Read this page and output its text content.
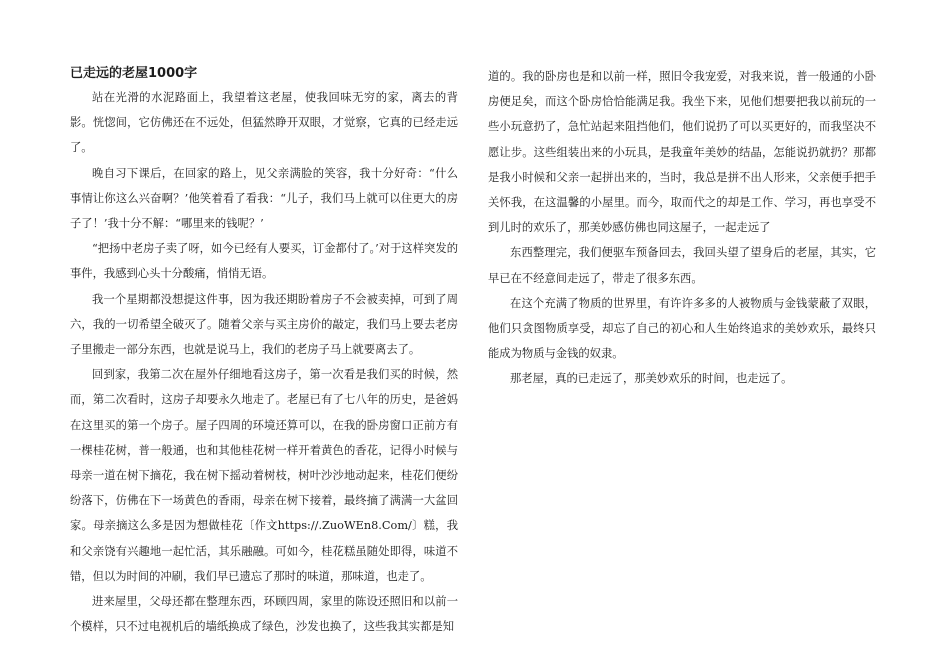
已走远的老屋1000字

站在光滑的水泥路面上，我望着这老屋，使我回味无穷的家，离去的背影。恍惚间，它仿佛还在不远处，但猛然睁开双眼，才觉察，它真的已经走远了。

晚自习下课后，在回家的路上，见父亲满脸的笑容，我十分好奇：“什么事情让你这么兴奋啊？’他笑着看了看我：“儿子，我们马上就可以住更大的房子了！’我十分不解：“哪里来的钱呢？’

“把扬中老房子卖了呀，如今已经有人要买，订金都付了。’对于这样突发的事件，我感到心头十分酸痛，悄悄无语。

我一个星期都没想提这件事，因为我还期盼着房子不会被卖掉，可到了周六，我的一切希望全破灭了。随着父亲与买主房价的敲定，我们马上要去老房子里搬走一部分东西，也就是说马上，我们的老房子马上就要离去了。

回到家，我第二次在屋外仔细地看这房子，第一次看是我们买的时候，然而，第二次看时，这房子却要永久地走了。老屋已有了七八年的历史，是爸妈在这里买的第一个房子。屋子四周的环境还算可以，在我的卧房窗口正前方有一棵桂花树，普一般通，也和其他桂花树一样开着黄色的香花，记得小时候与母亲一道在树下摘花，我在树下摇动着树枝，树叶沙沙地动起来，桂花们便纷纷落下，仿佛在下一场黄色的香雨，母亲在树下接着，最终摘了满满一大盆回家。母亲摘这么多是因为想做桂花〔作文https://.ZuoWEn8.Com/〕糕，我和父亲饶有兴趣地一起忙活，其乐融融。可如今，桂花糕虽随处即得，味道不错，但以为时间的冲刷，我们早已遗忘了那时的味道，那味道，也走了。

进来屋里，父母还都在整理东西，环顾四周，家里的陈设还照旧和以前一个模样，只不过电视机后的墙纸换成了绿色，沙发也换了，这些我其实都是知

道的。我的卧房也是和以前一样，照旧令我宠爱，对我来说，普一般通的小卧房便足矣，而这个卧房恰恰能满足我。我坐下来，见他们想要把我以前玩的一些小玩意扔了，急忙站起来阻挡他们，他们说扔了可以买更好的，而我坚决不愿让步。这些组装出来的小玩具，是我童年美妙的结晶，怎能说扔就扔？那都是我小时候和父亲一起拼出来的，当时，我总是拼不出人形来，父亲便手把手关怀我，在这温馨的小屋里。而今，取而代之的却是工作、学习，再也享受不到儿时的欢乐了，那美妙感仿佛也同这屋子，一起走远了

东西整理完，我们便驱车预备回去，我回头望了望身后的老屋，其实，它早已在不经意间走远了，带走了很多东西。

在这个充满了物质的世界里，有许许多多的人被物质与金钱蒙蔽了双眼，他们只贪图物质享受，却忘了自己的初心和人生始终追求的美妙欢乐，最终只能成为物质与金钱的奴隶。

那老屋，真的已走远了，那美妙欢乐的时间，也走远了。
